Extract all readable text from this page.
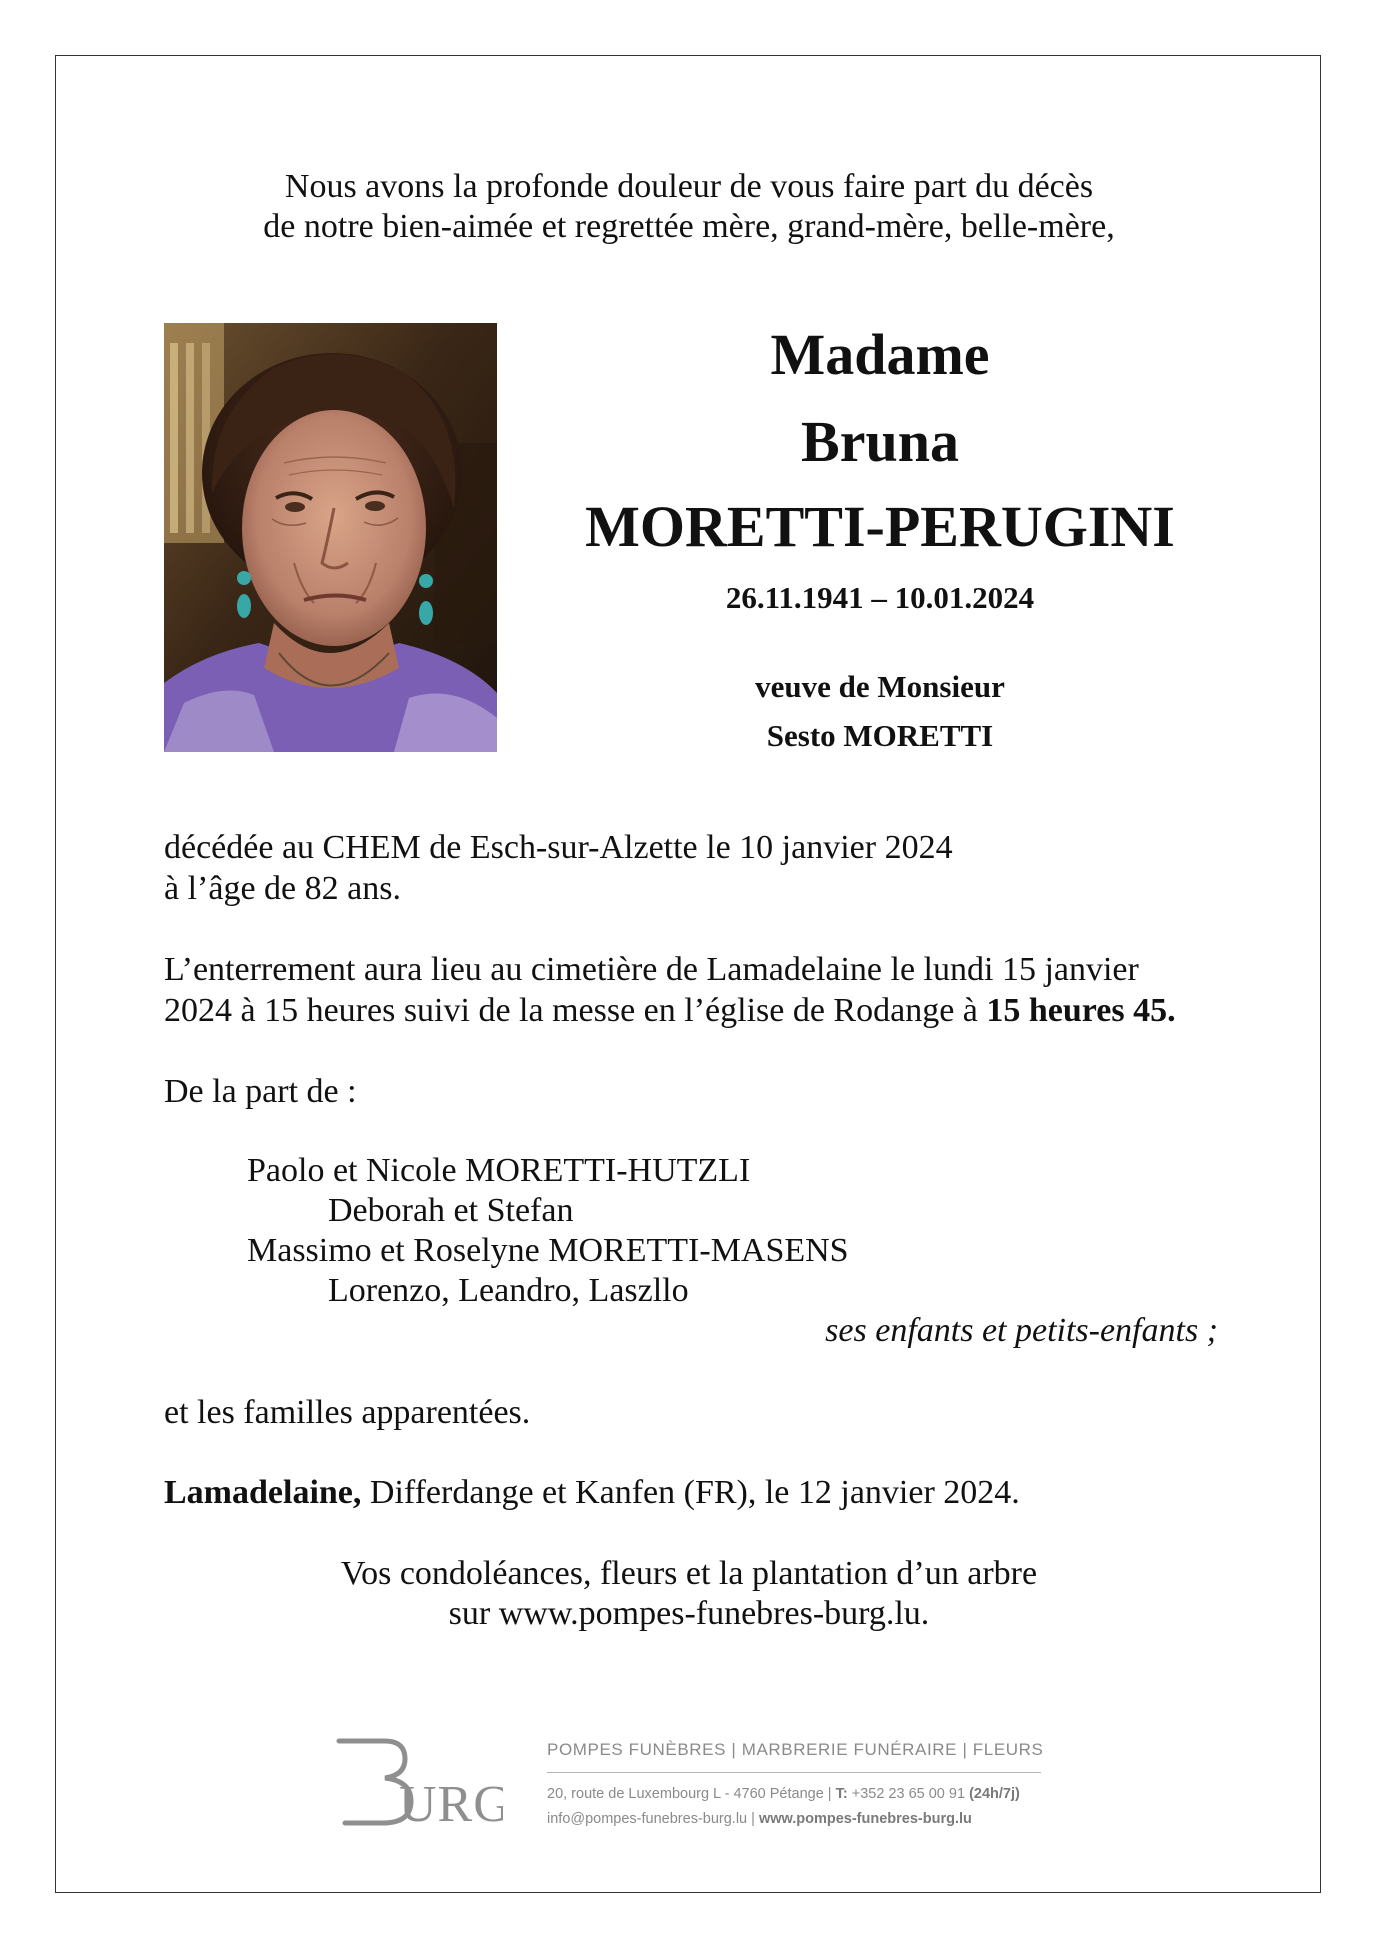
Nous avons la profonde douleur de vous faire part du décès
de notre bien-aimée et regrettée mère, grand-mère, belle-mère,
Madame
Bruna
MORETTI-PERUGINI
26.11.1941 – 10.01.2024
veuve de Monsieur
Sesto MORETTI
décédée au CHEM de Esch-sur-Alzette le 10 janvier 2024
à l’âge de 82 ans.
L’enterrement aura lieu au cimetière de Lamadelaine le lundi 15 janvier
2024 à 15 heures suivi de la messe en l’église de Rodange à 15 heures 45.
De la part de :
Paolo et Nicole MORETTI-HUTZLI
Deborah et Stefan
Massimo et Roselyne MORETTI-MASENS
Lorenzo, Leandro, Laszllo
ses enfants et petits-enfants ;
et les familles apparentées.
Lamadelaine, Differdange et Kanfen (FR), le 12 janvier 2024.
Vos condoléances, fleurs et la plantation d’un arbre
sur www.pompes-funebres-burg.lu.
URG
POMPES FUNÈBRES | MARBRERIE FUNÉRAIRE | FLEURS
20, route de Luxembourg L - 4760 Pétange | T: +352 23 65 00 91 (24h/7j)
info@pompes-funebres-burg.lu | www.pompes-funebres-burg.lu
